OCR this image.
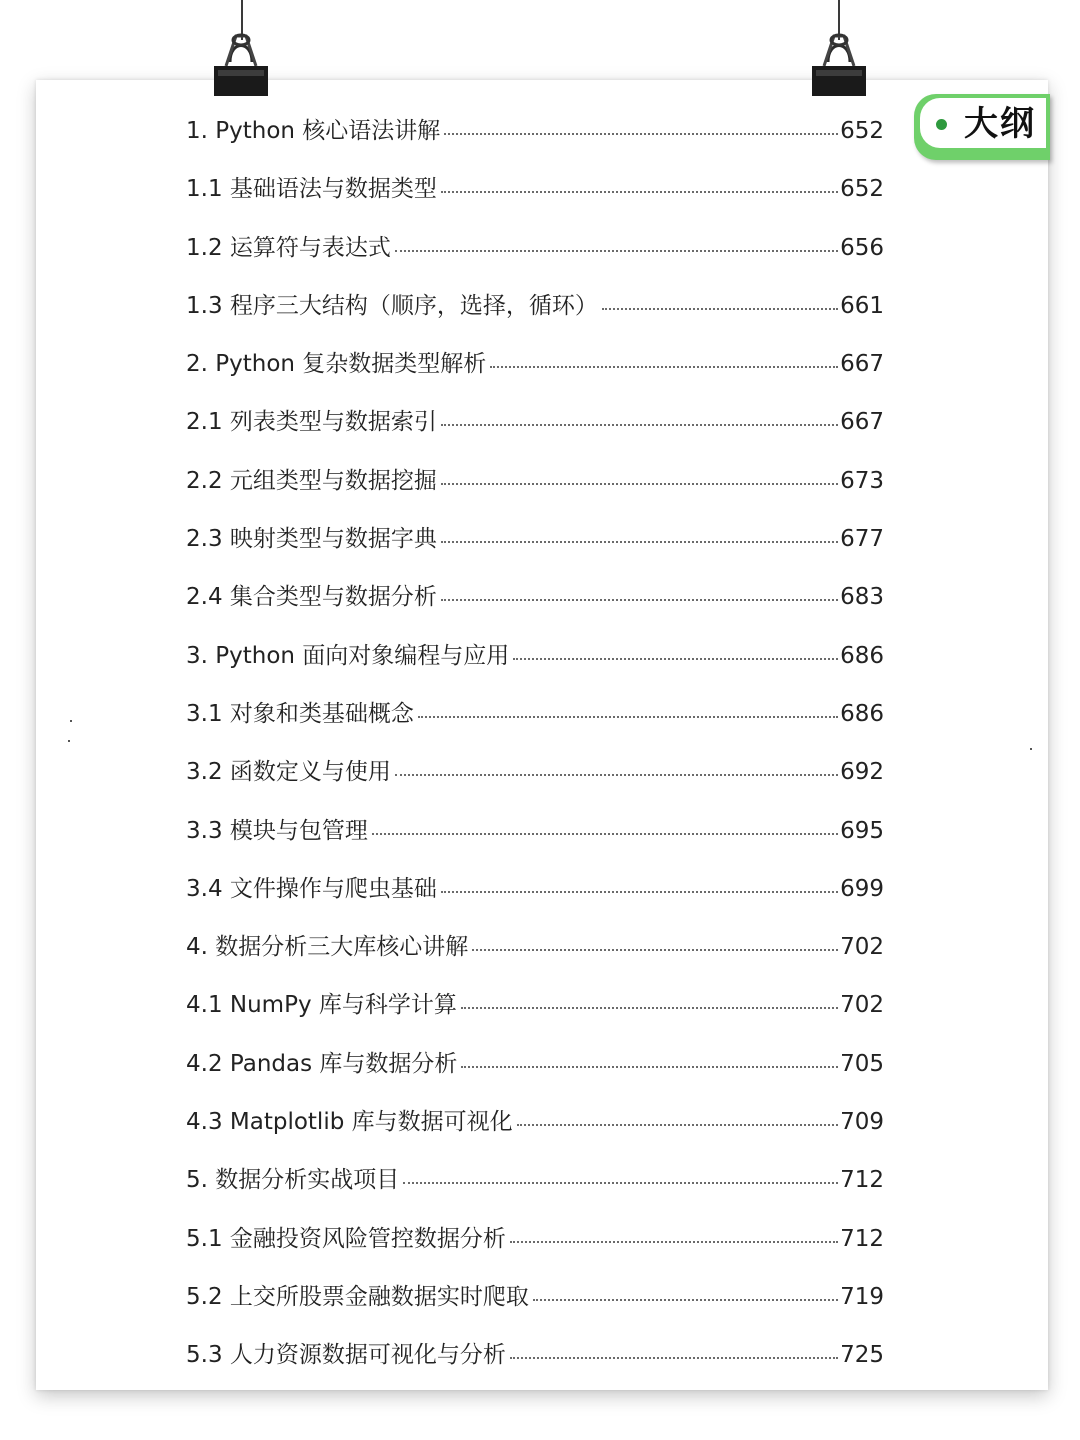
大纲
1. Python 核心语法讲解	652
1.1 基础语法与数据类型	652
1.2 运算符与表达式	656
1.3 程序三大结构（顺序，选择，循环）	661
2. Python 复杂数据类型解析	667
2.1 列表类型与数据索引	667
2.2 元组类型与数据挖掘	673
2.3 映射类型与数据字典	677
2.4 集合类型与数据分析	683
3. Python 面向对象编程与应用	686
3.1 对象和类基础概念	686
3.2 函数定义与使用	692
3.3 模块与包管理	695
3.4 文件操作与爬虫基础	699
4. 数据分析三大库核心讲解	702
4.1 NumPy 库与科学计算	702
4.2 Pandas 库与数据分析	705
4.3 Matplotlib 库与数据可视化	709
5. 数据分析实战项目	712
5.1 金融投资风险管控数据分析	712
5.2 上交所股票金融数据实时爬取	719
5.3 人力资源数据可视化与分析	725
